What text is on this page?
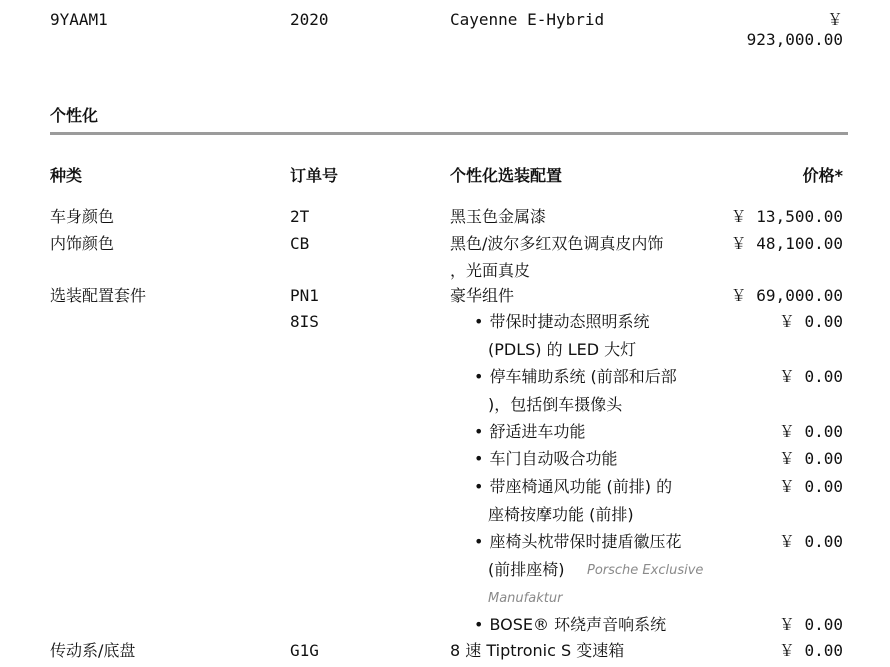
9YAAM1	2020	Cayenne E-Hybrid	￥
923,000.00
个性化
种类	订单号	个性化选装配置	价格*
车身颜色	2T	黑玉色金属漆	￥ 13,500.00
内饰颜色	CB	黑色/波尔多红双色调真皮内饰
，光面真皮
￥ 48,100.00
选装配置套件	PN1	豪华组件	￥ 69,000.00
8IS
•	带保时捷动态照明系统
(PDLS) 的 LED 大灯
￥ 0.00
• 停车辅助系统 (前部和后部
)，包括倒车摄像头
￥ 0.00
• 舒适进车功能	￥ 0.00
• 车门自动吸合功能	￥ 0.00
• 带座椅通风功能 (前排) 的
座椅按摩功能 (前排)
￥ 0.00
• 座椅头枕带保时捷盾徽压花
(前排座椅) Porsche Exclusive
Manufaktur
￥ 0.00
• BOSE® 环绕声音响系统	￥ 0.00
传动系/底盘	G1G	8 速 Tiptronic S 变速箱	￥ 0.00
